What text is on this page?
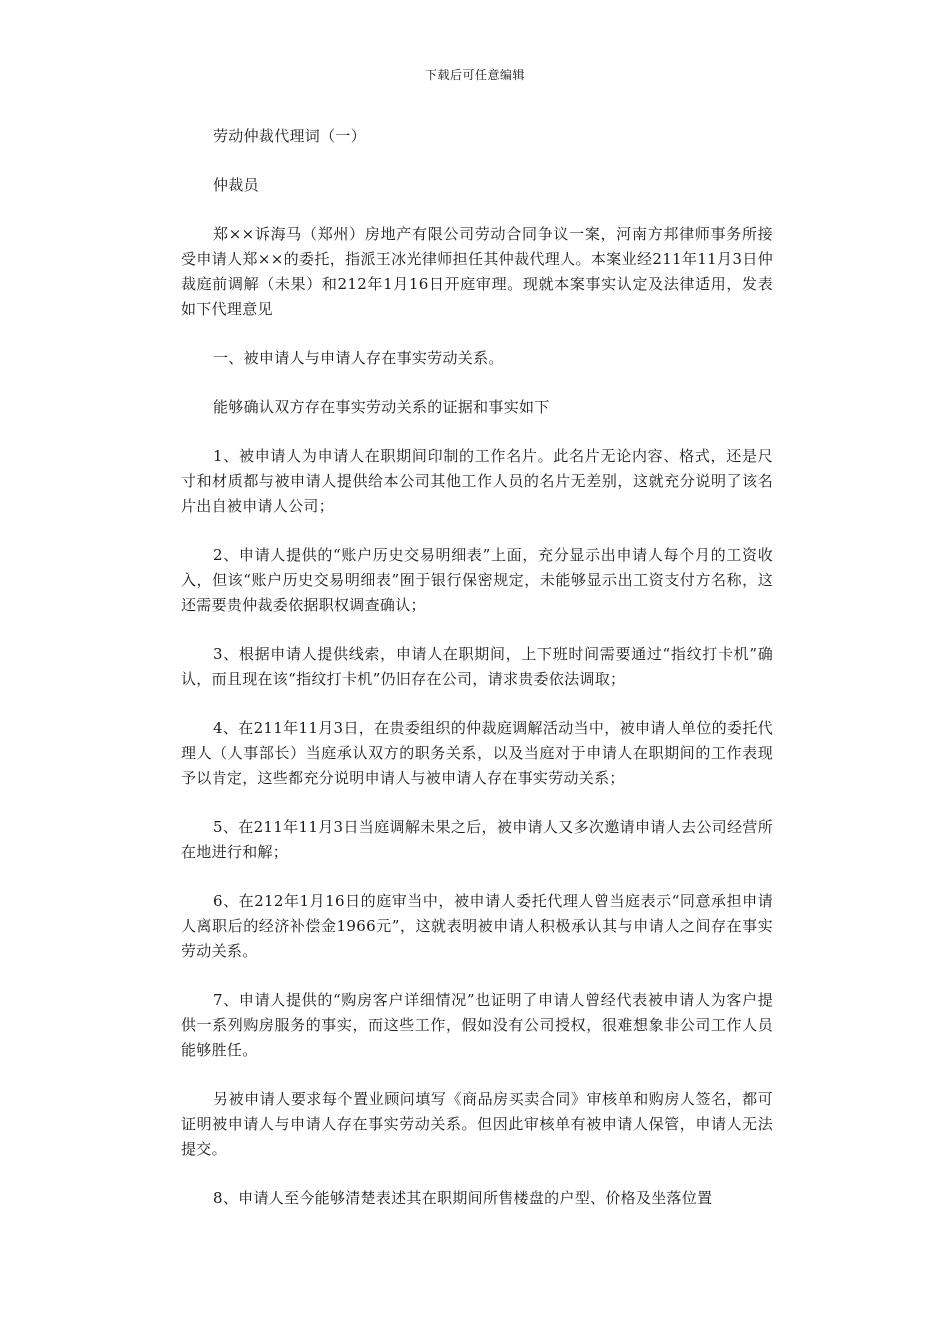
下载后可任意编辑

劳动仲裁代理词（一）

仲裁员

郑××诉海马（郑州）房地产有限公司劳动合同争议一案，河南方邦律师事务所接受申请人郑××的委托，指派王冰光律师担任其仲裁代理人。本案业经211年11月3日仲裁庭前调解（未果）和212年1月16日开庭审理。现就本案事实认定及法律适用，发表如下代理意见

一、被申请人与申请人存在事实劳动关系。

能够确认双方存在事实劳动关系的证据和事实如下

1、被申请人为申请人在职期间印制的工作名片。此名片无论内容、格式，还是尺寸和材质都与被申请人提供给本公司其他工作人员的名片无差别，这就充分说明了该名片出自被申请人公司；

2、申请人提供的“账户历史交易明细表”上面，充分显示出申请人每个月的工资收入，但该“账户历史交易明细表”囿于银行保密规定，未能够显示出工资支付方名称，这还需要贵仲裁委依据职权调查确认；

3、根据申请人提供线索，申请人在职期间，上下班时间需要通过“指纹打卡机”确认，而且现在该“指纹打卡机”仍旧存在公司，请求贵委依法调取；

4、在211年11月3日，在贵委组织的仲裁庭调解活动当中，被申请人单位的委托代理人（人事部长）当庭承认双方的职务关系，以及当庭对于申请人在职期间的工作表现予以肯定，这些都充分说明申请人与被申请人存在事实劳动关系；

5、在211年11月3日当庭调解未果之后，被申请人又多次邀请申请人去公司经营所在地进行和解；

6、在212年1月16日的庭审当中，被申请人委托代理人曾当庭表示“同意承担申请人离职后的经济补偿金1966元”，这就表明被申请人积极承认其与申请人之间存在事实劳动关系。

7、申请人提供的“购房客户详细情况”也证明了申请人曾经代表被申请人为客户提供一系列购房服务的事实，而这些工作，假如没有公司授权，很难想象非公司工作人员能够胜任。

另被申请人要求每个置业顾问填写《商品房买卖合同》审核单和购房人签名，都可证明被申请人与申请人存在事实劳动关系。但因此审核单有被申请人保管，申请人无法提交。

8、申请人至今能够清楚表述其在职期间所售楼盘的户型、价格及坐落位置
